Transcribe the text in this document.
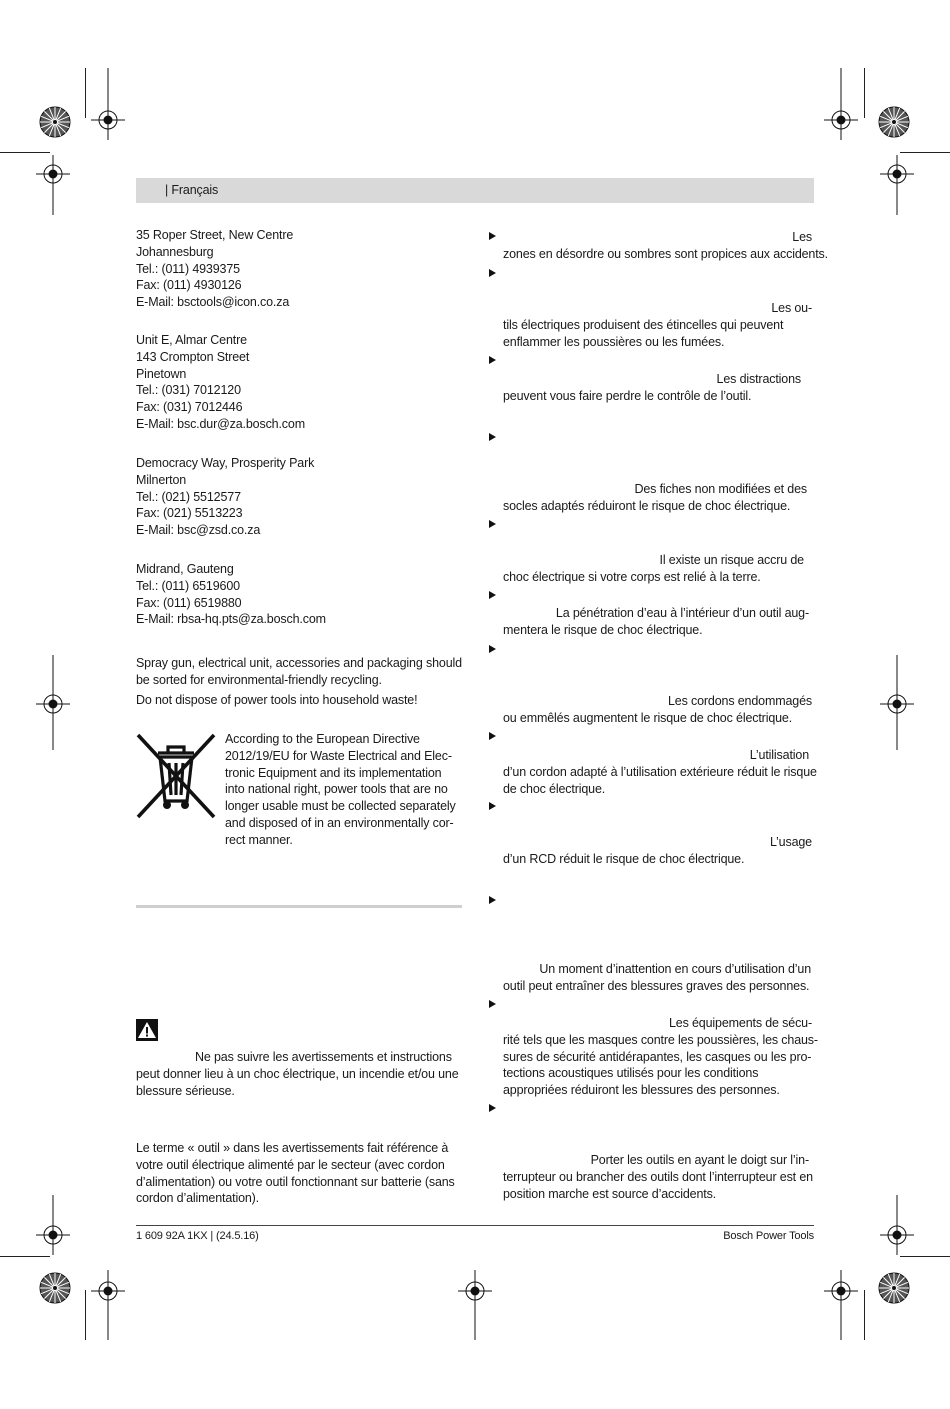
| Français
35 Roper Street, New Centre
Johannesburg
Tel.: (011) 4939375
Fax: (011) 4930126
E-Mail: bsctools@icon.co.za
Unit E, Almar Centre
143 Crompton Street
Pinetown
Tel.: (031) 7012120
Fax: (031) 7012446
E-Mail: bsc.dur@za.bosch.com
Democracy Way, Prosperity Park
Milnerton
Tel.: (021) 5512577
Fax: (021) 5513223
E-Mail: bsc@zsd.co.za
Midrand, Gauteng
Tel.: (011) 6519600
Fax: (011) 6519880
E-Mail: rbsa-hq.pts@za.bosch.com
Spray gun, electrical unit, accessories and packaging should
be sorted for environmental-friendly recycling.
Do not dispose of power tools into household waste!
According to the European Directive
2012/19/EU for Waste Electrical and Elec-
tronic Equipment and its implementation
into national right, power tools that are no
longer usable must be collected separately
and disposed of in an environmentally cor-
rect manner.
Ne pas suivre les avertissements et instructions
peut donner lieu à un choc électrique, un incendie et/ou une
blessure sérieuse.
Le terme « outil » dans les avertissements fait référence à
votre outil électrique alimenté par le secteur (avec cordon
d’alimentation) ou votre outil fonctionnant sur batterie (sans
cordon d’alimentation).
Les
zones en désordre ou sombres sont propices aux accidents.
Les ou-
tils électriques produisent des étincelles qui peuvent
enflammer les poussières ou les fumées.
Les distractions
peuvent vous faire perdre le contrôle de l’outil.
Des fiches non modifiées et des
socles adaptés réduiront le risque de choc électrique.
Il existe un risque accru de
choc électrique si votre corps est relié à la terre.
La pénétration d’eau à l’intérieur d’un outil aug-
mentera le risque de choc électrique.
Les cordons endommagés
ou emmêlés augmentent le risque de choc électrique.
L’utilisation
d’un cordon adapté à l’utilisation extérieure réduit le risque
de choc électrique.
L’usage
d’un RCD réduit le risque de choc électrique.
Un moment d’inattention en cours d’utilisation d’un
outil peut entraîner des blessures graves des personnes.
Les équipements de sécu-
rité tels que les masques contre les poussières, les chaus-
sures de sécurité antidérapantes, les casques ou les pro-
tections acoustiques utilisés pour les conditions
appropriées réduiront les blessures des personnes.
Porter les outils en ayant le doigt sur l’in-
terrupteur ou brancher des outils dont l’interrupteur est en
position marche est source d’accidents.
1 609 92A 1KX | (24.5.16)	Bosch Power Tools
